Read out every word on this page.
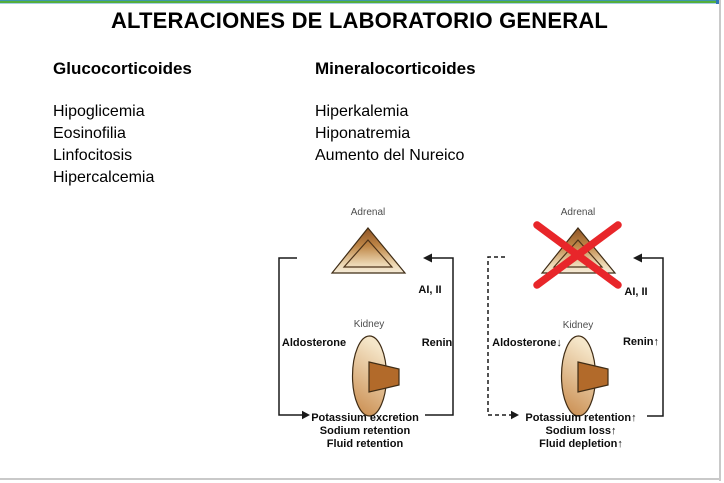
ALTERACIONES DE LABORATORIO GENERAL
Glucocorticoides
Hipoglicemia
Eosinofilia
Linfocitosis
Hipercalcemia
Mineralocorticoides
Hiperkalemia
Hiponatremia
Aumento del Nureico
Adrenal
AI, II
Kidney
Aldosterone	Renin
Potassium excretion
Sodium retention
Fluid retention
Adrenal
AI, II
Kidney
Aldosterone↓	Renin↑
Potassium retention↑
Sodium loss↑
Fluid depletion↑
